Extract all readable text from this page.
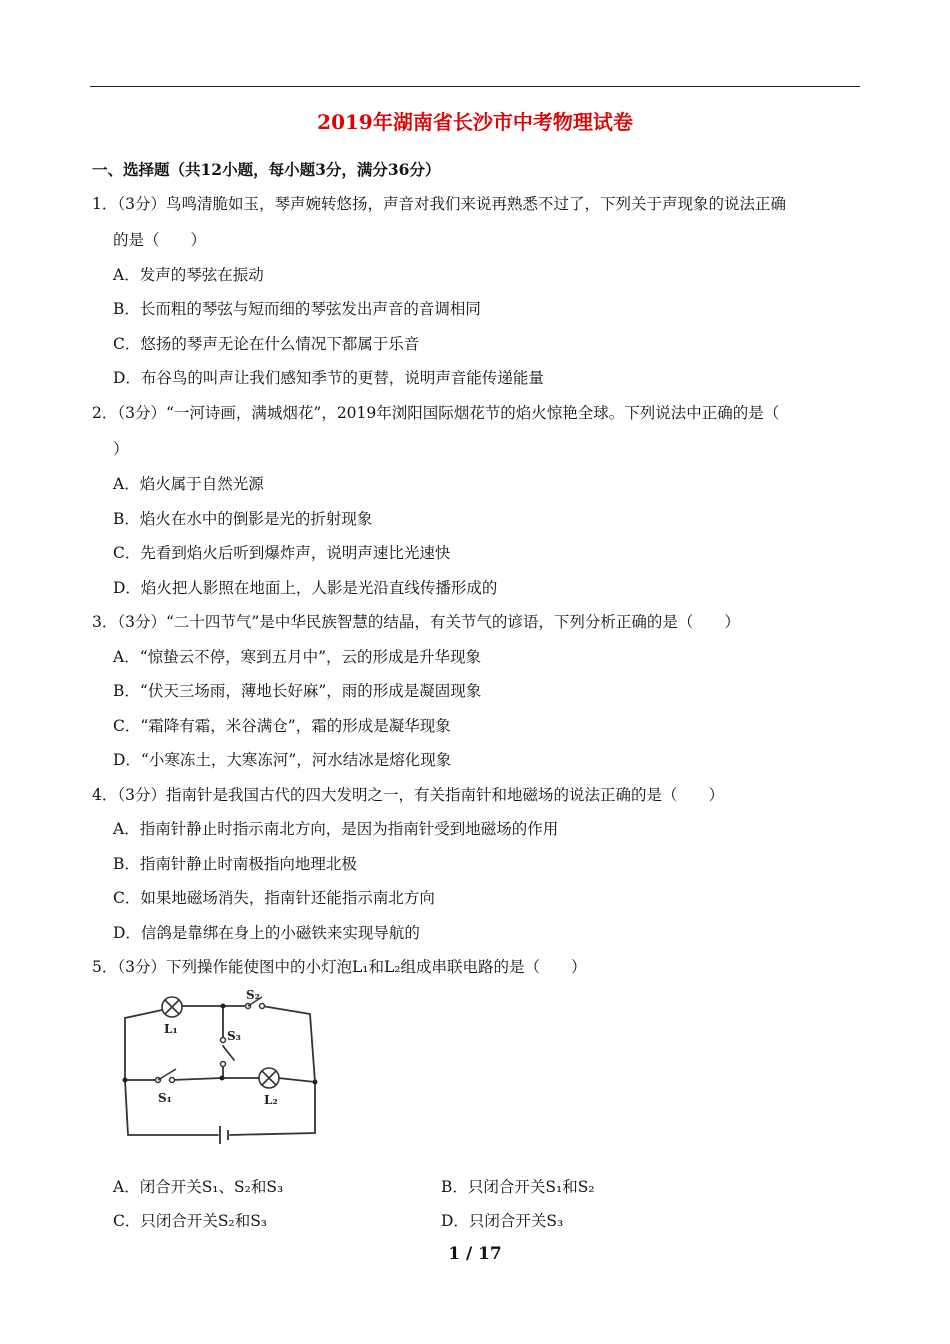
2019年湖南省长沙市中考物理试卷
一、选择题（共12小题，每小题3分，满分36分）
1．（3分）鸟鸣清脆如玉，琴声婉转悠扬，声音对我们来说再熟悉不过了，下列关于声现象的说法正确
的是（　　）
A．发声的琴弦在振动
B．长而粗的琴弦与短而细的琴弦发出声音的音调相同
C．悠扬的琴声无论在什么情况下都属于乐音
D．布谷鸟的叫声让我们感知季节的更替，说明声音能传递能量
2．（3分）“一河诗画，满城烟花”，2019年浏阳国际烟花节的焰火惊艳全球。下列说法中正确的是（
）
A．焰火属于自然光源
B．焰火在水中的倒影是光的折射现象
C．先看到焰火后听到爆炸声，说明声速比光速快
D．焰火把人影照在地面上，人影是光沿直线传播形成的
3．（3分）“二十四节气”是中华民族智慧的结晶，有关节气的谚语，下列分析正确的是（　　）
A．“惊蛰云不停，寒到五月中”，云的形成是升华现象
B．“伏天三场雨，薄地长好麻”，雨的形成是凝固现象
C．“霜降有霜，米谷满仓”，霜的形成是凝华现象
D．“小寒冻土，大寒冻河”，河水结冰是熔化现象
4．（3分）指南针是我国古代的四大发明之一，有关指南针和地磁场的说法正确的是（　　）
A．指南针静止时指示南北方向，是因为指南针受到地磁场的作用
B．指南针静止时南极指向地理北极
C．如果地磁场消失，指南针还能指示南北方向
D．信鸽是靠绑在身上的小磁铁来实现导航的
5．（3分）下列操作能使图中的小灯泡L₁和L₂组成串联电路的是（　　）
L₁
S₂
S₃
S₁	L₂
A．闭合开关S₁、S₂和S₃	B．只闭合开关S₁和S₂
C．只闭合开关S₂和S₃	D．只闭合开关S₃
1 / 17
